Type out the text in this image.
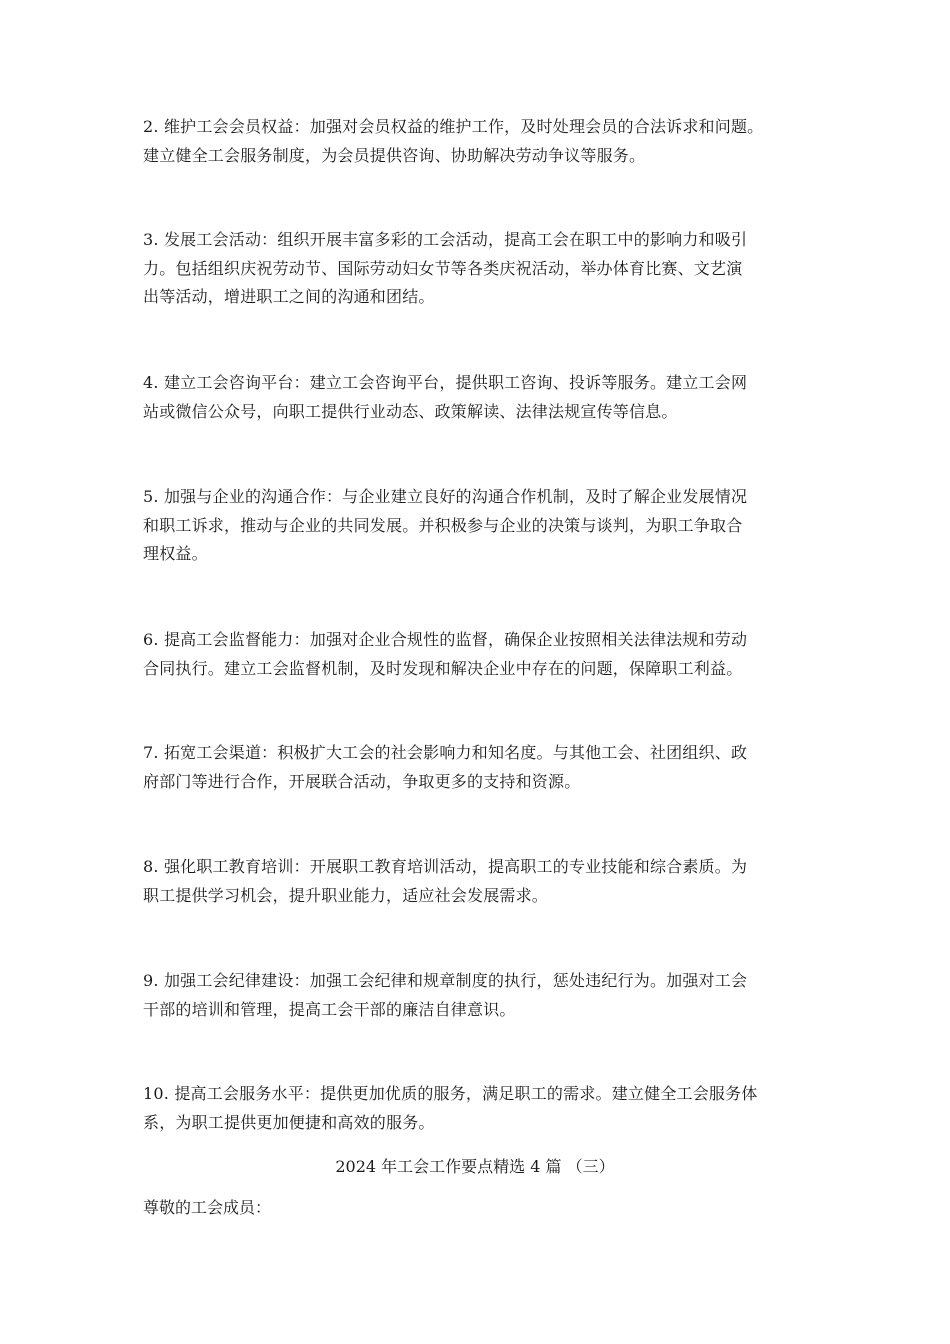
2. 维护工会会员权益：加强对会员权益的维护工作，及时处理会员的合法诉求和问题。
建立健全工会服务制度，为会员提供咨询、协助解决劳动争议等服务。
3. 发展工会活动：组织开展丰富多彩的工会活动，提高工会在职工中的影响力和吸引
力。包括组织庆祝劳动节、国际劳动妇女节等各类庆祝活动，举办体育比赛、文艺演
出等活动，增进职工之间的沟通和团结。
4. 建立工会咨询平台：建立工会咨询平台，提供职工咨询、投诉等服务。建立工会网
站或微信公众号，向职工提供行业动态、政策解读、法律法规宣传等信息。
5. 加强与企业的沟通合作：与企业建立良好的沟通合作机制，及时了解企业发展情况
和职工诉求，推动与企业的共同发展。并积极参与企业的决策与谈判，为职工争取合
理权益。
6. 提高工会监督能力：加强对企业合规性的监督，确保企业按照相关法律法规和劳动
合同执行。建立工会监督机制，及时发现和解决企业中存在的问题，保障职工利益。
7. 拓宽工会渠道：积极扩大工会的社会影响力和知名度。与其他工会、社团组织、政
府部门等进行合作，开展联合活动，争取更多的支持和资源。
8. 强化职工教育培训：开展职工教育培训活动，提高职工的专业技能和综合素质。为
职工提供学习机会，提升职业能力，适应社会发展需求。
9. 加强工会纪律建设：加强工会纪律和规章制度的执行，惩处违纪行为。加强对工会
干部的培训和管理，提高工会干部的廉洁自律意识。
10. 提高工会服务水平：提供更加优质的服务，满足职工的需求。建立健全工会服务体
系，为职工提供更加便捷和高效的服务。

2024 年工会工作要点精选 4 篇 （三）

尊敬的工会成员：
